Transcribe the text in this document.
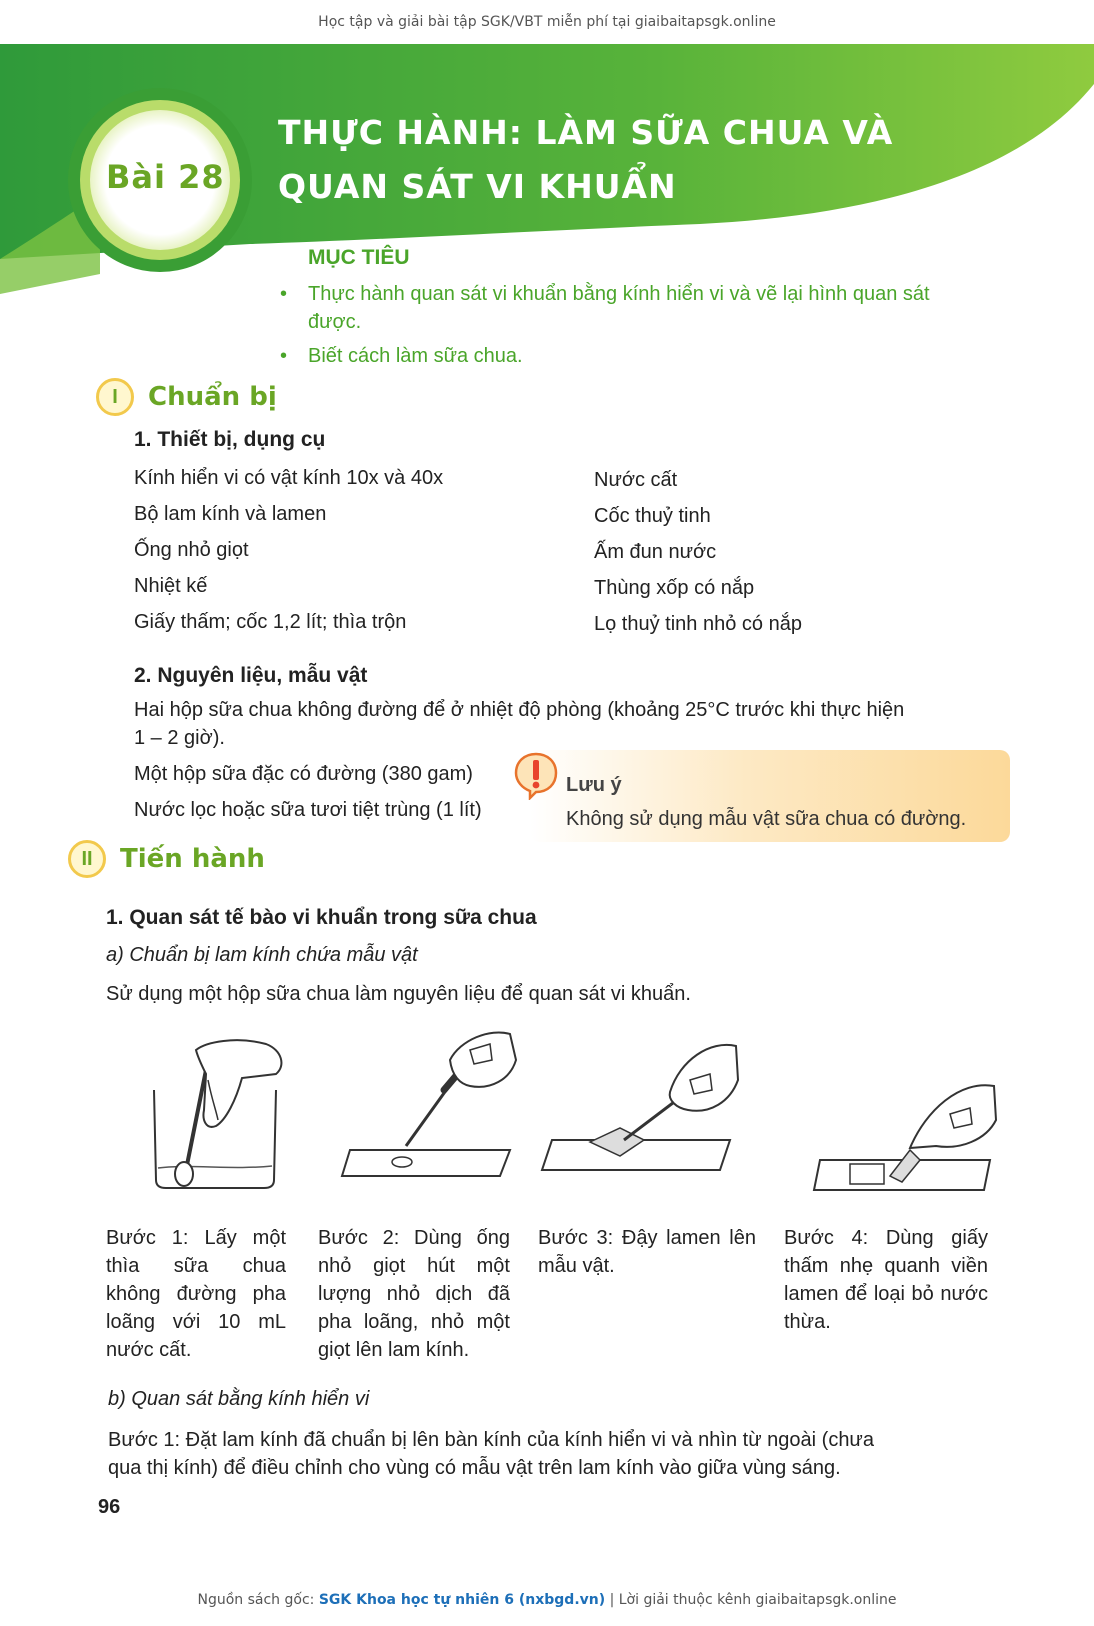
Học tập và giải bài tập SGK/VBT miễn phí tại giaibaitapsgk.online
Bài 28
THỰC HÀNH: LÀM SỮA CHUA VÀ
QUAN SÁT VI KHUẨN
MỤC TIÊU
• Thực hành quan sát vi khuẩn bằng kính hiển vi và vẽ lại hình quan sát được.
• Biết cách làm sữa chua.
I	Chuẩn bị
1. Thiết bị, dụng cụ
Kính hiển vi có vật kính 10x và 40x
Bộ lam kính và lamen
Ống nhỏ giọt
Nhiệt kế
Giấy thấm; cốc 1,2 lít; thìa trộn
Nước cất
Cốc thuỷ tinh
Ấm đun nước
Thùng xốp có nắp
Lọ thuỷ tinh nhỏ có nắp
2. Nguyên liệu, mẫu vật
Hai hộp sữa chua không đường để ở nhiệt độ phòng (khoảng 25°C trước khi thực hiện
1 – 2 giờ).
Một hộp sữa đặc có đường (380 gam)
Nước lọc hoặc sữa tươi tiệt trùng (1 lít)
Lưu ý
Không sử dụng mẫu vật sữa chua có đường.
II	Tiến hành
1. Quan sát tế bào vi khuẩn trong sữa chua
a) Chuẩn bị lam kính chứa mẫu vật
Sử dụng một hộp sữa chua làm nguyên liệu để quan sát vi khuẩn.
Bước 1: Lấy một thìa sữa chua không đường pha loãng với 10 mL nước cất.
Bước 2: Dùng ống nhỏ giọt hút một lượng nhỏ dịch đã pha loãng, nhỏ một giọt lên lam kính.
Bước 3: Đậy lamen lên mẫu vật.
Bước 4: Dùng giấy thấm nhẹ quanh viền lamen để loại bỏ nước thừa.
b) Quan sát bằng kính hiển vi
Bước 1: Đặt lam kính đã chuẩn bị lên bàn kính của kính hiển vi và nhìn từ ngoài (chưa
qua thị kính) để điều chỉnh cho vùng có mẫu vật trên lam kính vào giữa vùng sáng.
96
Nguồn sách gốc: SGK Khoa học tự nhiên 6 (nxbgd.vn) | Lời giải thuộc kênh giaibaitapsgk.online
